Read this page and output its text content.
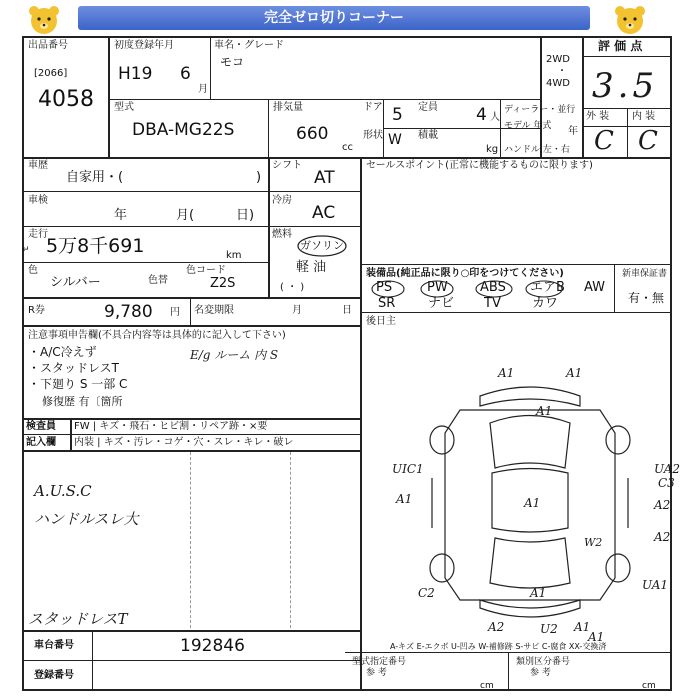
完全ゼロ切りコーナー
出品番号
[2066]
4058
初度登録年月
H19 6
月
車名・グレード
モコ	2WD
・
4WD
評 価 点
3.5
型式
DBA-MG22S
排気量
660
cc
ドア 5 定員 4 人
形状 W 積載
kg
ディーラー・並行
モデル 年式 年
ハンドル 左・右
外 装 内 装
C C
車歴
自家用・(	)
シフト
AT
車検
年	月(	日)
冷房
AC
走行
5万8千691	km
↵
燃料
ガソリン
軽 油
( ・ )
色
シルバー	色替
色コード
Z2S
R券	9,780 円 名変期限	月	日
注意事項申告欄(不具合内容等は具体的に記入して下さい)
・A/C冷えず
・スタッドレスT
・下廻り S 一部 C
修復歴 有〔箇所
E/g ルーム 内 S
検査員
記入欄
FW | キズ・飛石・ヒビ割・リペア跡・×要
内装 | キズ・汚レ・コゲ・穴・スレ・キレ・破レ
A.U.S.C
ハンドルスレ大
スタッドレスT
車台番号	192846
登録番号
セールスポイント(正常に機能するものに限ります)
装備品(純正品に限り○印をつけてください)	新車保証書
有・無
PS	PW ABS エアB AW
SR	ナビ TV カワ
後日主
A1	A1
A1
UIC1
A1	A1
UA2
C3
A2
A2
W2
A1
C2
UA1
A2	U2 A1
A1
A-キズ E-エクボ U-凹み W-補修跡 S-サビ C-腐食 XX-交換済
型式指定番号
参 考
類別区分番号
参 考
cm	cm
